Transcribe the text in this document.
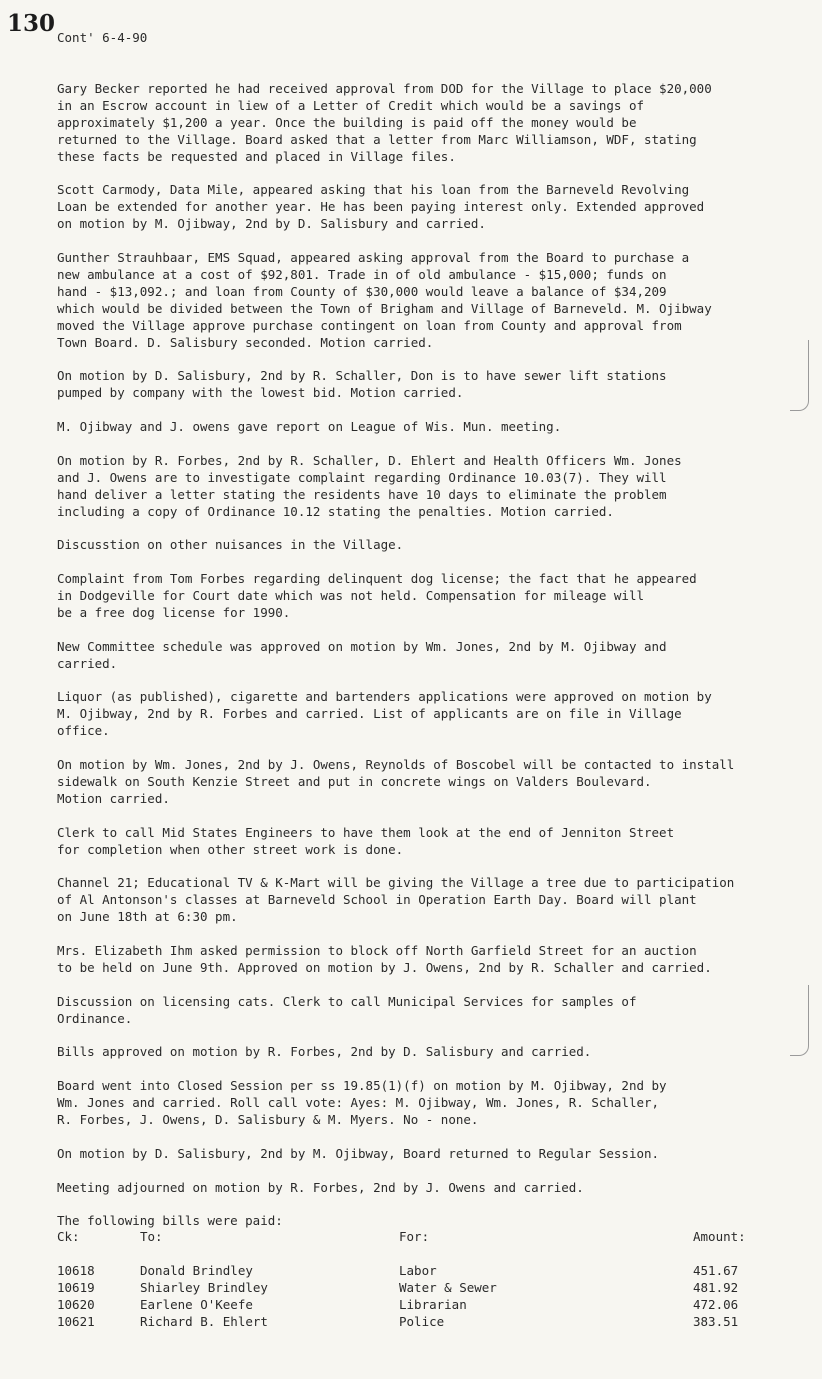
130
Cont' 6-4-90

Gary Becker reported he had received approval from DOD for the Village to place $20,000
in an Escrow account in liew of a Letter of Credit which would be a savings of
approximately $1,200 a year. Once the building is paid off the money would be
returned to the Village. Board asked that a letter from Marc Williamson, WDF, stating
these facts be requested and placed in Village files.

Scott Carmody, Data Mile, appeared asking that his loan from the Barneveld Revolving
Loan be extended for another year. He has been paying interest only. Extended approved
on motion by M. Ojibway, 2nd by D. Salisbury and carried.

Gunther Strauhbaar, EMS Squad, appeared asking approval from the Board to purchase a
new ambulance at a cost of $92,801. Trade in of old ambulance - $15,000; funds on
hand - $13,092.; and loan from County of $30,000 would leave a balance of $34,209
which would be divided between the Town of Brigham and Village of Barneveld. M. Ojibway
moved the Village approve purchase contingent on loan from County and approval from
Town Board. D. Salisbury seconded. Motion carried.

On motion by D. Salisbury, 2nd by R. Schaller, Don is to have sewer lift stations
pumped by company with the lowest bid. Motion carried.

M. Ojibway and J. owens gave report on League of Wis. Mun. meeting.

On motion by R. Forbes, 2nd by R. Schaller, D. Ehlert and Health Officers Wm. Jones
and J. Owens are to investigate complaint regarding Ordinance 10.03(7). They will
hand deliver a letter stating the residents have 10 days to eliminate the problem
including a copy of Ordinance 10.12 stating the penalties. Motion carried.

Discusstion on other nuisances in the Village.

Complaint from Tom Forbes regarding delinquent dog license; the fact that he appeared
in Dodgeville for Court date which was not held. Compensation for mileage will
be a free dog license for 1990.

New Committee schedule was approved on motion by Wm. Jones, 2nd by M. Ojibway and
carried.

Liquor (as published), cigarette and bartenders applications were approved on motion by
M. Ojibway, 2nd by R. Forbes and carried. List of applicants are on file in Village
office.

On motion by Wm. Jones, 2nd by J. Owens, Reynolds of Boscobel will be contacted to install
sidewalk on South Kenzie Street and put in concrete wings on Valders Boulevard.
Motion carried.

Clerk to call Mid States Engineers to have them look at the end of Jenniton Street
for completion when other street work is done.

Channel 21; Educational TV & K-Mart will be giving the Village a tree due to participation
of Al Antonson's classes at Barneveld School in Operation Earth Day. Board will plant
on June 18th at 6:30 pm.

Mrs. Elizabeth Ihm asked permission to block off North Garfield Street for an auction
to be held on June 9th. Approved on motion by J. Owens, 2nd by R. Schaller and carried.

Discussion on licensing cats. Clerk to call Municipal Services for samples of
Ordinance.

Bills approved on motion by R. Forbes, 2nd by D. Salisbury and carried.

Board went into Closed Session per ss 19.85(1)(f) on motion by M. Ojibway, 2nd by
Wm. Jones and carried. Roll call vote: Ayes: M. Ojibway, Wm. Jones, R. Schaller,
R. Forbes, J. Owens, D. Salisbury & M. Myers. No - none.

On motion by D. Salisbury, 2nd by M. Ojibway, Board returned to Regular Session.

Meeting adjourned on motion by R. Forbes, 2nd by J. Owens and carried.

The following bills were paid:

Ck:	To:	For:	Amount:

10618	Donald Brindley	Labor	451.67
10619	Shiarley Brindley	Water & Sewer	481.92
10620	Earlene O'Keefe	Librarian	472.06
10621	Richard B. Ehlert	Police	383.51
